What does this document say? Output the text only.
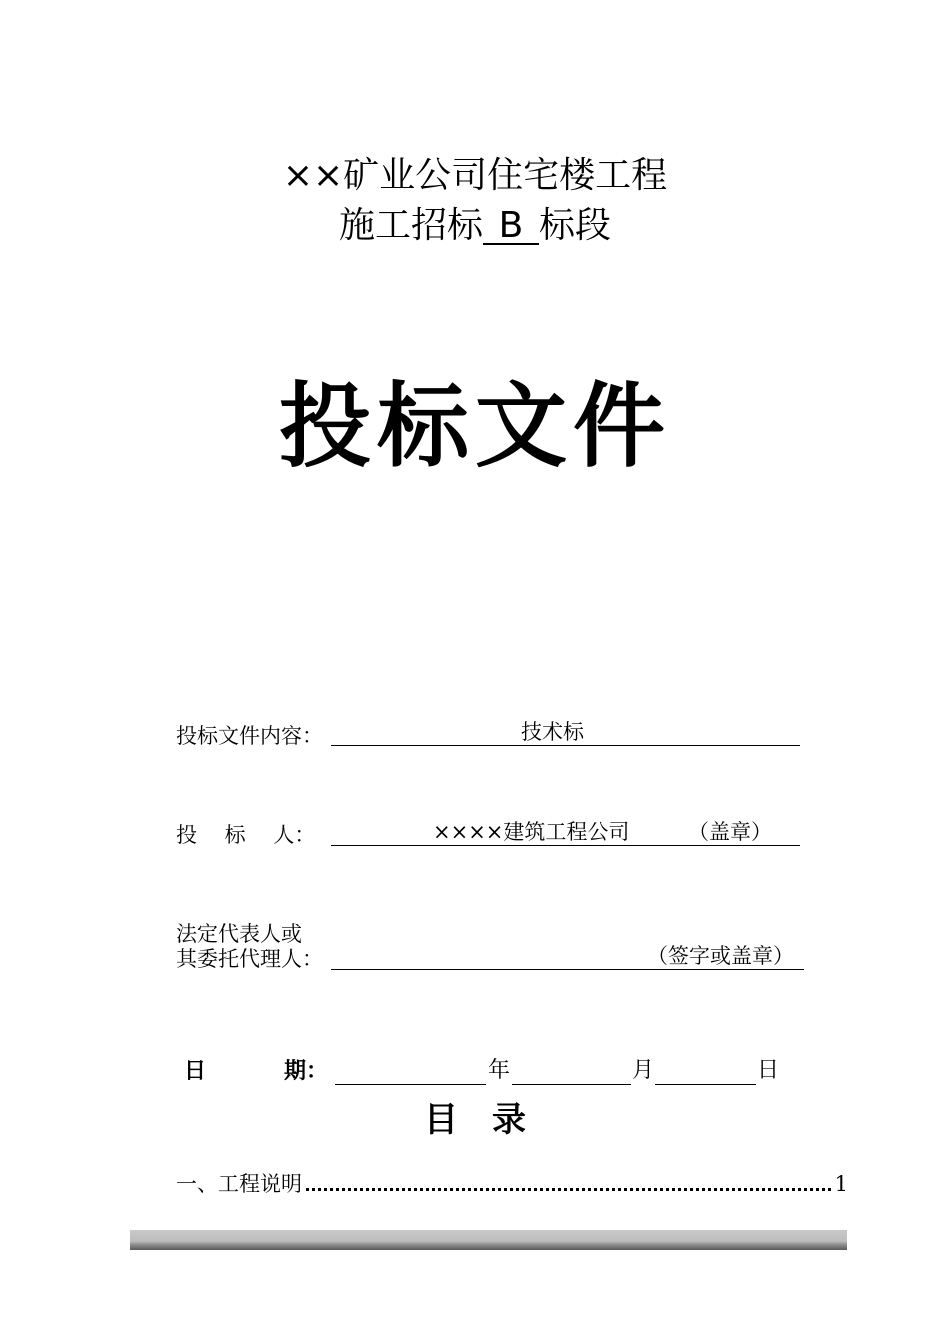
××矿业公司住宅楼工程
施工招标 B 标段
投标文件
投标文件内容：	技术标
投　 标　 人：	××××建筑工程公司	（盖章）
法定代表人或
其委托代理人：	（签字或盖章）
日	期：	年	月	日
目　录
一、工程说明	1
